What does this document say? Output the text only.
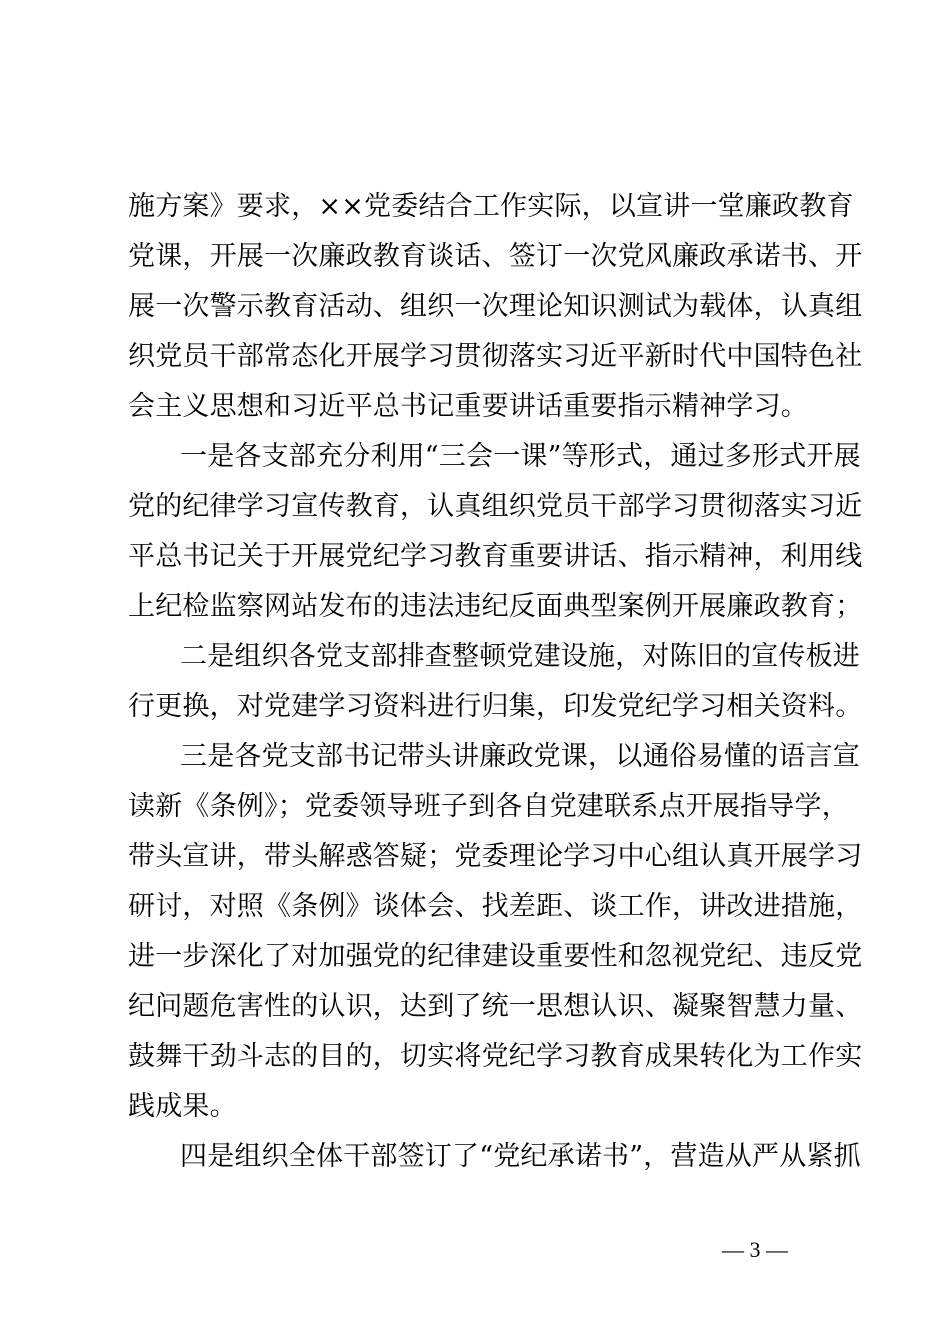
施方案》要求，××党委结合工作实际，以宣讲一堂廉政教育
党课，开展一次廉政教育谈话、签订一次党风廉政承诺书、开
展一次警示教育活动、组织一次理论知识测试为载体，认真组
织党员干部常态化开展学习贯彻落实习近平新时代中国特色社
会主义思想和习近平总书记重要讲话重要指示精神学习。
一是各支部充分利用“三会一课”等形式，通过多形式开展
党的纪律学习宣传教育，认真组织党员干部学习贯彻落实习近
平总书记关于开展党纪学习教育重要讲话、指示精神，利用线
上纪检监察网站发布的违法违纪反面典型案例开展廉政教育；
二是组织各党支部排查整顿党建设施，对陈旧的宣传板进
行更换，对党建学习资料进行归集，印发党纪学习相关资料。
三是各党支部书记带头讲廉政党课，以通俗易懂的语言宣
读新《条例》；党委领导班子到各自党建联系点开展指导学，
带头宣讲，带头解惑答疑；党委理论学习中心组认真开展学习
研讨，对照《条例》谈体会、找差距、谈工作，讲改进措施，
进一步深化了对加强党的纪律建设重要性和忽视党纪、违反党
纪问题危害性的认识，达到了统一思想认识、凝聚智慧力量、
鼓舞干劲斗志的目的，切实将党纪学习教育成果转化为工作实
践成果。
四是组织全体干部签订了“党纪承诺书”，营造从严从紧抓
— 3 —
